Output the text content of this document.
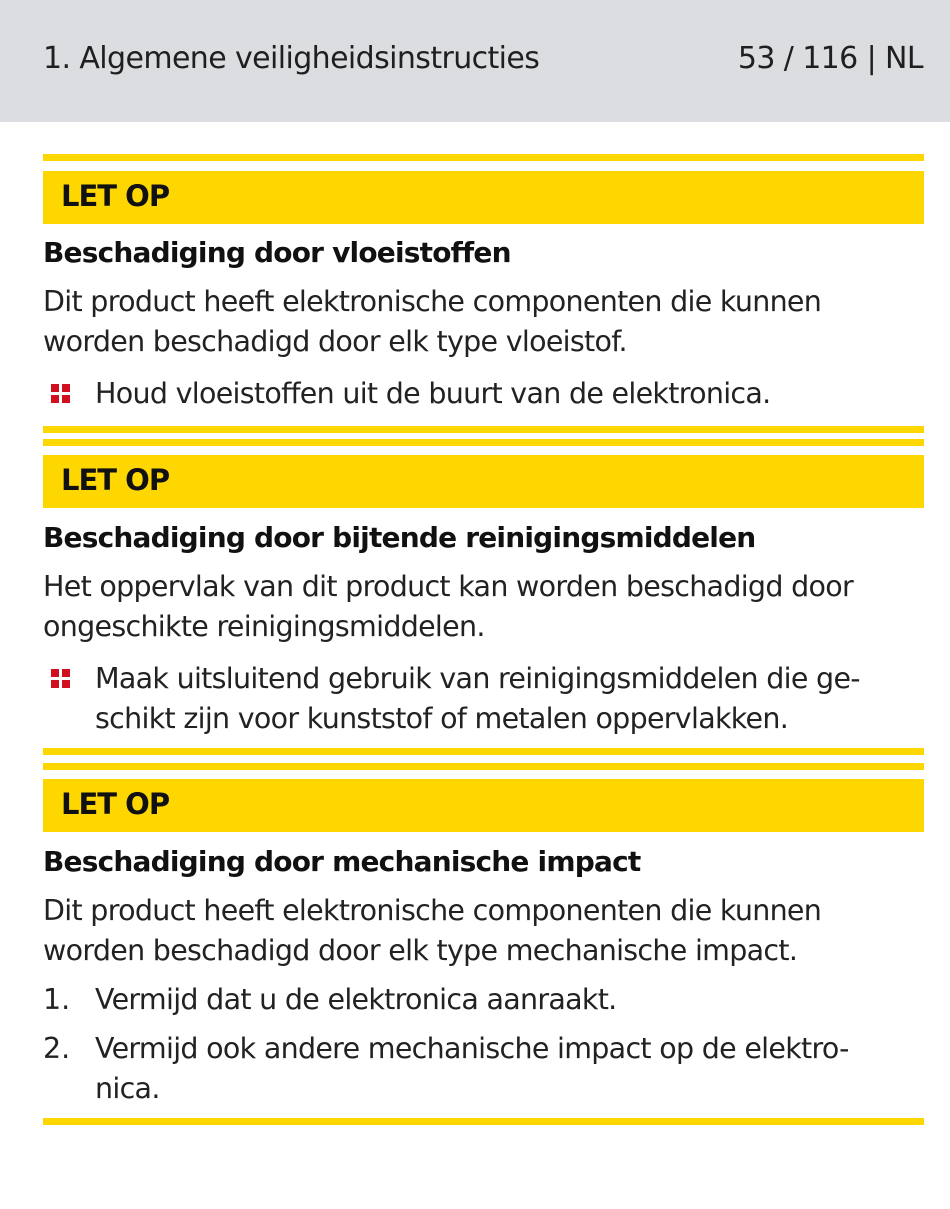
1. Algemene veiligheidsinstructies	53 / 116 | NL
LET OP
Beschadiging door vloeistoffen
Dit product heeft elektronische componenten die kunnen
worden beschadigd door elk type vloeistof.
Houd vloeistoffen uit de buurt van de elektronica.
LET OP
Beschadiging door bijtende reinigingsmiddelen
Het oppervlak van dit product kan worden beschadigd door
ongeschikte reinigingsmiddelen.
Maak uitsluitend gebruik van reinigingsmiddelen die ge-
schikt zijn voor kunststof of metalen oppervlakken.
LET OP
Beschadiging door mechanische impact
Dit product heeft elektronische componenten die kunnen
worden beschadigd door elk type mechanische impact.
1. Vermijd dat u de elektronica aanraakt.
2. Vermijd ook andere mechanische impact op de elektro-
nica.
